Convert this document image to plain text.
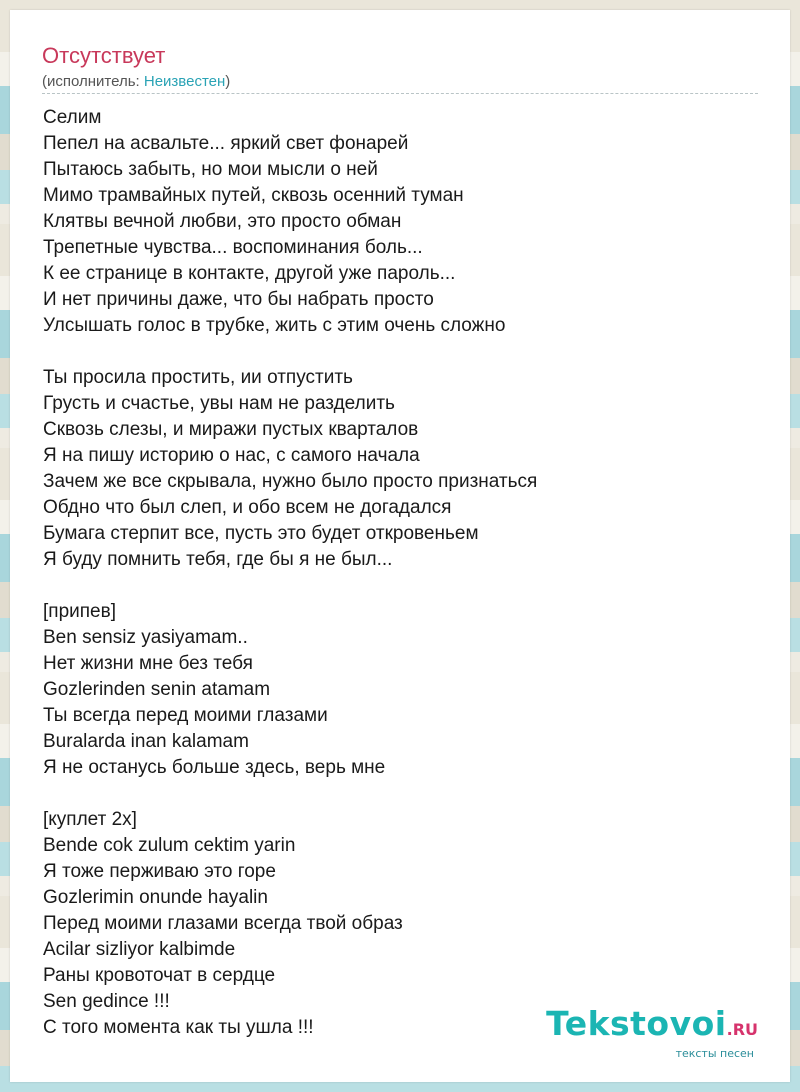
Отсутствует
(исполнитель: Неизвестен)
Селим
Пепел на асвальте... яркий свет фонарей
Пытаюсь забыть, но мои мысли о ней
Мимо трамвайных путей, сквозь осенний туман
Клятвы вечной любви, это просто обман
Трепетные чувства... воспоминания боль...
К ее странице в контакте, другой уже пароль...
И нет причины даже, что бы набрать просто
Улсышать голос в трубке, жить с этим очень сложно
Ты просила простить, ии отпустить
Грусть и счастье, увы нам не разделить
Сквозь слезы, и миражи пустых кварталов
Я на пишу историю о нас, с самого начала
Зачем же все скрывала, нужно было просто признаться
Обдно что был слеп, и обо всем не догадался
Бумага стерпит все, пусть это будет откровеньем
Я буду помнить тебя, где бы я не был...
[припев]
Ben sensiz yasiyamam..
Нет жизни мне без тебя
Gozlerinden senin atamam
Ты всегда перед моими глазами
Buralarda inan kalamam
Я не останусь больше здесь, верь мне
[куплет 2x]
Bende cok zulum cektim yarin
Я тоже перживаю это горе
Gozlerimin onunde hayalin
Перед моими глазами всегда твой образ
Acilar sizliyor kalbimde
Раны кровоточат в сердце
Sen gedince !!!
С того момента как ты ушла !!!	Tekstovoi.RU
тексты песен
